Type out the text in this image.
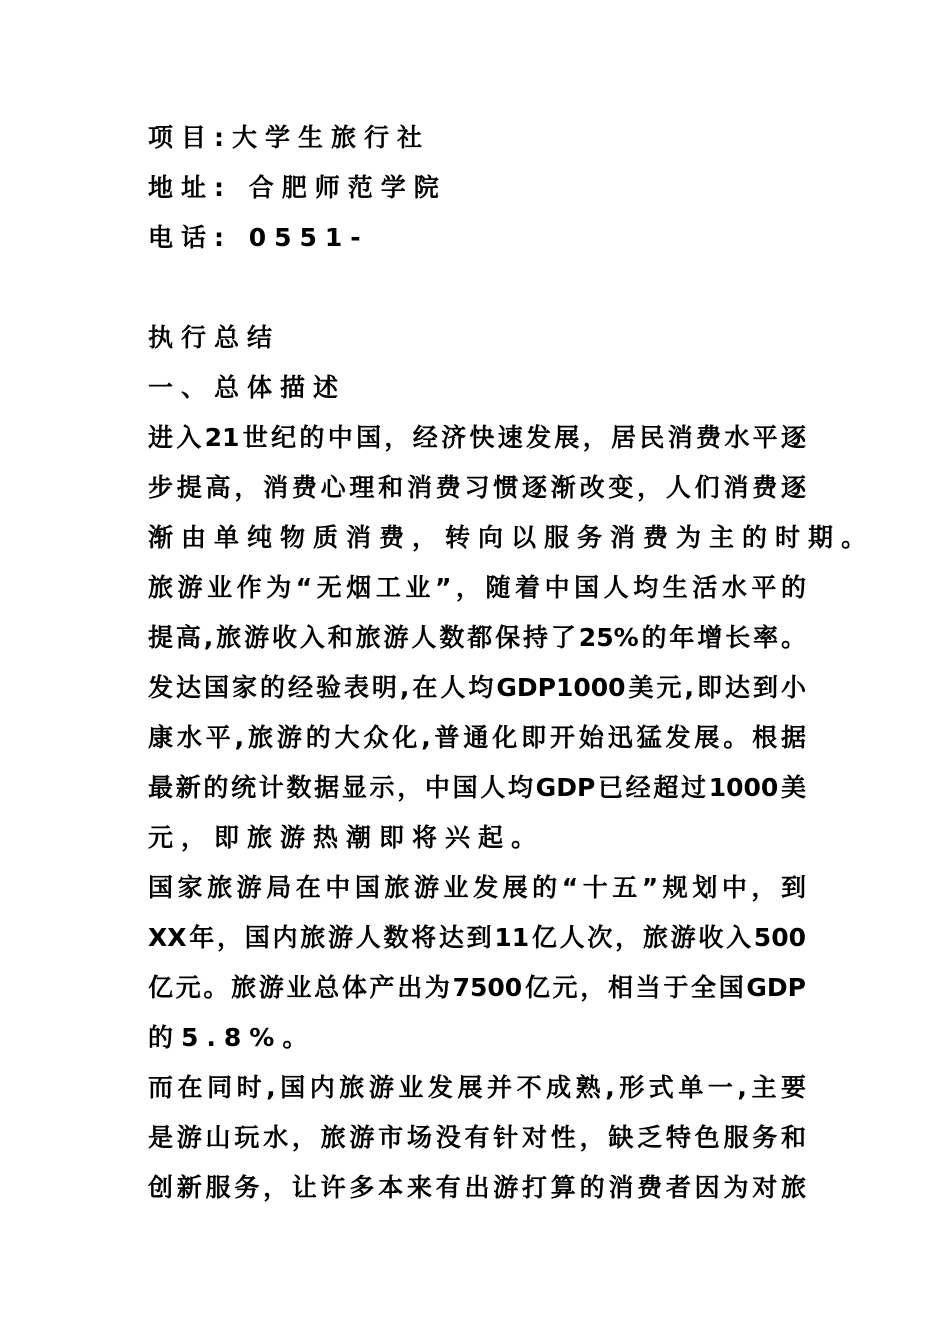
项目:大学生旅行社
地址: 合肥师范学院
电话: 0551-
执行总结
一、总体描述
进入21世纪的中国，经济快速发展，居民消费水平逐
步提高，消费心理和消费习惯逐渐改变，人们消费逐
渐由单纯物质消费，转向以服务消费为主的时期。
旅游业作为“无烟工业”，随着中国人均生活水平的
提高,旅游收入和旅游人数都保持了25%的年增长率。
发达国家的经验表明,在人均GDP1000美元,即达到小
康水平,旅游的大众化,普通化即开始迅猛发展。根据
最新的统计数据显示，中国人均GDP已经超过1000美
元，即旅游热潮即将兴起。
国家旅游局在中国旅游业发展的“十五”规划中，到
XX年，国内旅游人数将达到11亿人次，旅游收入500
亿元。旅游业总体产出为7500亿元，相当于全国GDP
的5.8%。
而在同时,国内旅游业发展并不成熟,形式单一,主要
是游山玩水，旅游市场没有针对性，缺乏特色服务和
创新服务，让许多本来有出游打算的消费者因为对旅
